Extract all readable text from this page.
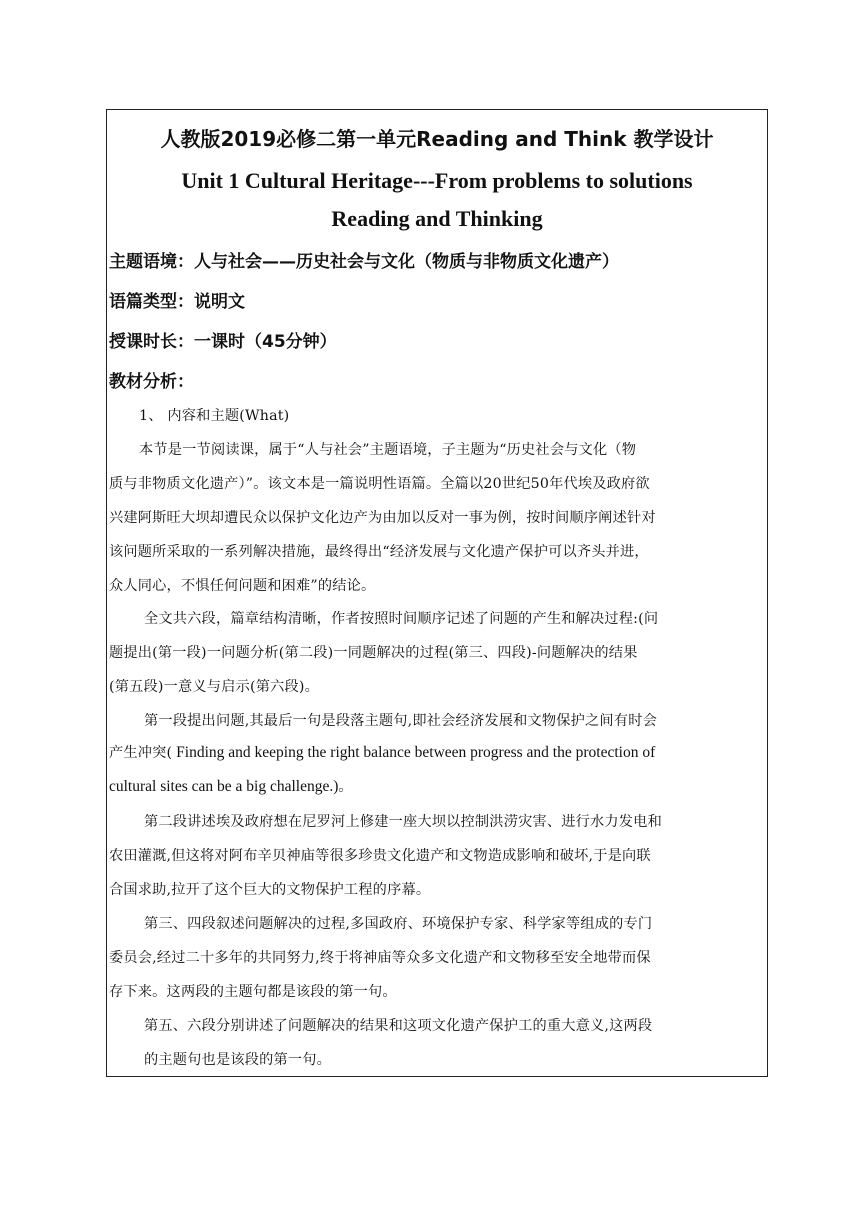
人教版2019必修二第一单元Reading and Think 教学设计
Unit 1 Cultural Heritage---From problems to solutions
Reading and Thinking
主题语境：人与社会——历史社会与文化（物质与非物质文化遗产）
语篇类型：说明文
授课时长：一课时（45分钟）
教材分析：
1、 内容和主题(What)
本节是一节阅读课，属于“人与社会”主题语境，子主题为“历史社会与文化（物
质与非物质文化遗产）”。该文本是一篇说明性语篇。全篇以20世纪50年代埃及政府欲
兴建阿斯旺大坝却遭民众以保护文化边产为由加以反对一事为例，按时间顺序阐述针对
该问题所采取的一系列解决措施，最终得出“经济发展与文化遗产保护可以齐头并进，
众人同心，不惧任何问题和困难”的结论。
全文共六段，篇章结构清晰，作者按照时间顺序记述了问题的产生和解决过程:(问
题提出(第一段)一问题分析(第二段)一同题解决的过程(第三、四段)-问题解决的结果
(第五段)一意义与启示(第六段)。
第一段提出问题,其最后一句是段落主题句,即社会经济发展和文物保护之间有时会
产生冲突( Finding and keeping the right balance between progress and the protection of
cultural sites can be a big challenge.)。
第二段讲述埃及政府想在尼罗河上修建一座大坝以控制洪涝灾害、进行水力发电和
农田灌溉,但这将对阿布辛贝神庙等很多珍贵文化遗产和文物造成影响和破坏,于是向联
合国求助,拉开了这个巨大的文物保护工程的序幕。
第三、四段叙述问题解决的过程,多国政府、环境保护专家、科学家等组成的专门
委员会,经过二十多年的共同努力,终于将神庙等众多文化遗产和文物移至安全地带而保
存下来。这两段的主题句都是该段的第一句。
第五、六段分别讲述了问题解决的结果和这项文化遗产保护工的重大意义,这两段
的主题句也是该段的第一句。
